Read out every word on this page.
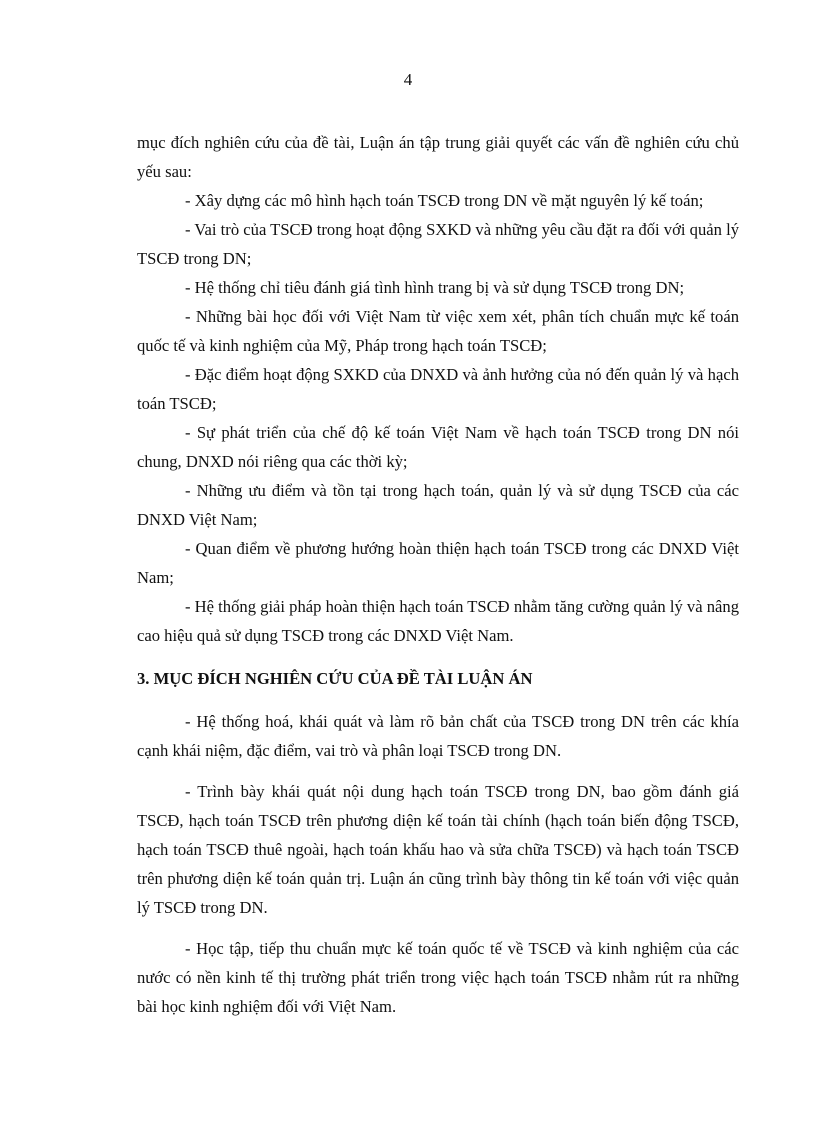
4

mục đích nghiên cứu của đề tài, Luận án tập trung giải quyết các vấn đề nghiên cứu chủ yếu sau:

- Xây dựng các mô hình hạch toán TSCĐ trong DN về mặt nguyên lý kế toán;

- Vai trò của TSCĐ trong hoạt động SXKD và những yêu cầu đặt ra đối với quản lý TSCĐ trong DN;

- Hệ thống chỉ tiêu đánh giá tình hình trang bị và sử dụng TSCĐ trong DN;

- Những bài học đối với Việt Nam từ việc xem xét, phân tích chuẩn mực kế toán quốc tế và kinh nghiệm của Mỹ, Pháp trong hạch toán TSCĐ;

- Đặc điểm hoạt động SXKD của DNXD và ảnh hưởng của nó đến quản lý và hạch toán TSCĐ;

- Sự phát triển của chế độ kế toán Việt Nam về hạch toán TSCĐ trong DN nói chung, DNXD nói riêng qua các thời kỳ;

- Những ưu điểm và tồn tại trong hạch toán, quản lý và sử dụng TSCĐ của các DNXD Việt Nam;

- Quan điểm về phương hướng hoàn thiện hạch toán TSCĐ trong các DNXD Việt Nam;

- Hệ thống giải pháp hoàn thiện hạch toán TSCĐ nhằm tăng cường quản lý và nâng cao hiệu quả sử dụng TSCĐ trong các DNXD Việt Nam.

3. MỤC ĐÍCH NGHIÊN CỨU CỦA ĐỀ TÀI LUẬN ÁN

- Hệ thống hoá, khái quát và làm rõ bản chất của TSCĐ trong DN trên các khía cạnh khái niệm, đặc điểm, vai trò và phân loại TSCĐ trong DN.

- Trình bày khái quát nội dung hạch toán TSCĐ trong DN, bao gồm đánh giá TSCĐ, hạch toán TSCĐ trên phương diện kế toán tài chính (hạch toán biến động TSCĐ, hạch toán TSCĐ thuê ngoài, hạch toán khấu hao và sửa chữa TSCĐ) và hạch toán TSCĐ trên phương diện kế toán quản trị. Luận án cũng trình bày thông tin kế toán với việc quản lý TSCĐ trong DN.

- Học tập, tiếp thu chuẩn mực kế toán quốc tế về TSCĐ và kinh nghiệm của các nước có nền kinh tế thị trường phát triển trong việc hạch toán TSCĐ nhằm rút ra những bài học kinh nghiệm đối với Việt Nam.
